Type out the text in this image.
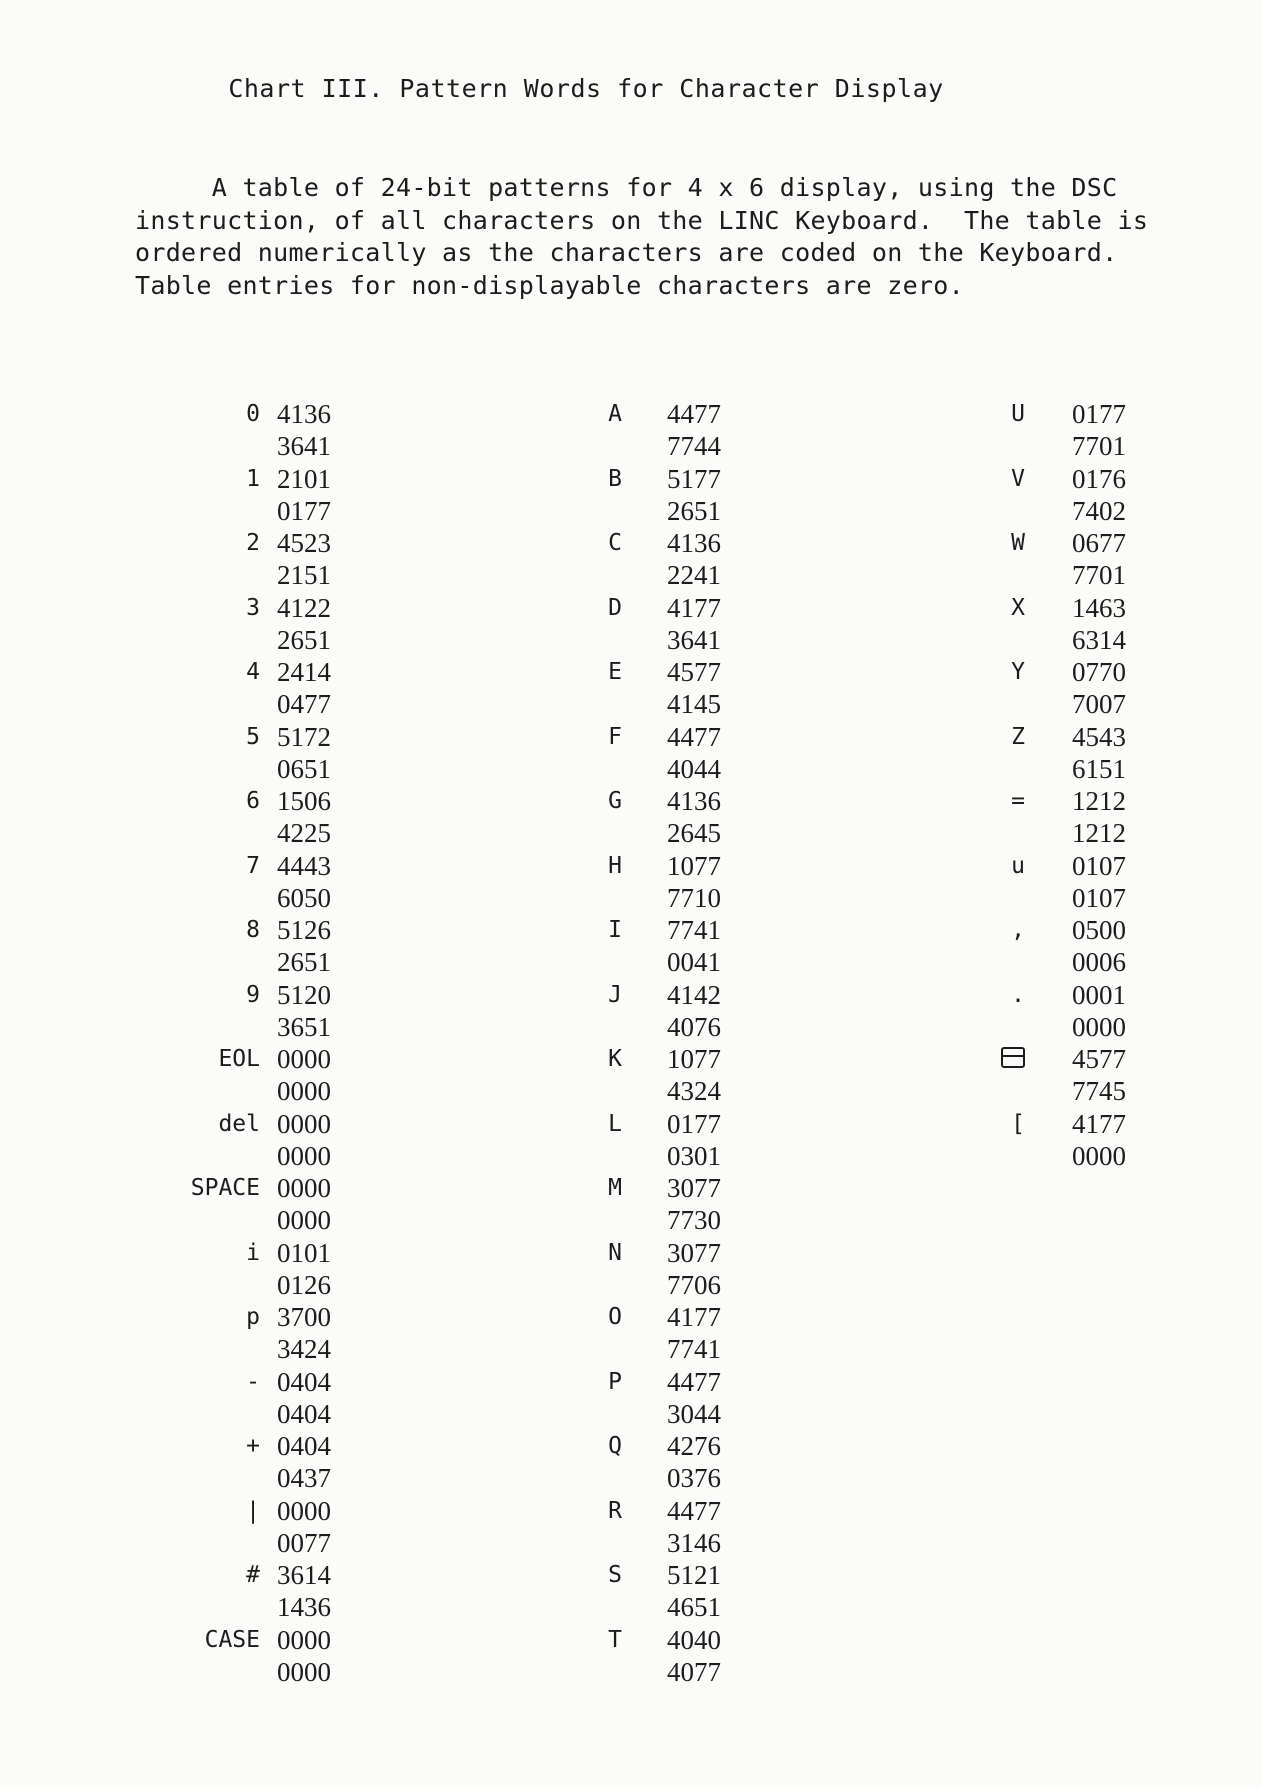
Chart III. Pattern Words for Character Display
A table of 24-bit patterns for 4 x 6 display, using the DSC
instruction, of all characters on the LINC Keyboard.  The table is
ordered numerically as the characters are coded on the Keyboard.
Table entries for non-displayable characters are zero.
0 4136
3641
1 2101
0177
2 4523
2151
3 4122
2651
4 2414
0477
5 5172
0651
6 1506
4225
7 4443
6050
8 5126
2651
9 5120
3651
EOL 0000
0000
del 0000
0000
SPACE 0000
0000
i 0101
0126
p 3700
3424
- 0404
0404
+ 0404
0437
| 0000
0077
# 3614
1436
CASE 0000
0000
A 4477
7744
B 5177
2651
C 4136
2241
D 4177
3641
E 4577
4145
F 4477
4044
G 4136
2645
H 1077
7710
I 7741
0041
J 4142
4076
K 1077
4324
L 0177
0301
M 3077
7730
N 3077
7706
O 4177
7741
P 4477
3044
Q 4276
0376
R 4477
3146
S 5121
4651
T 4040
4077
U 0177
7701
V 0176
7402
W 0677
7701
X 1463
6314
Y 0770
7007
Z 4543
6151
= 1212
1212
u 0107
0107
, 0500
0006
. 0001
0000
4577
7745
[ 4177
0000
